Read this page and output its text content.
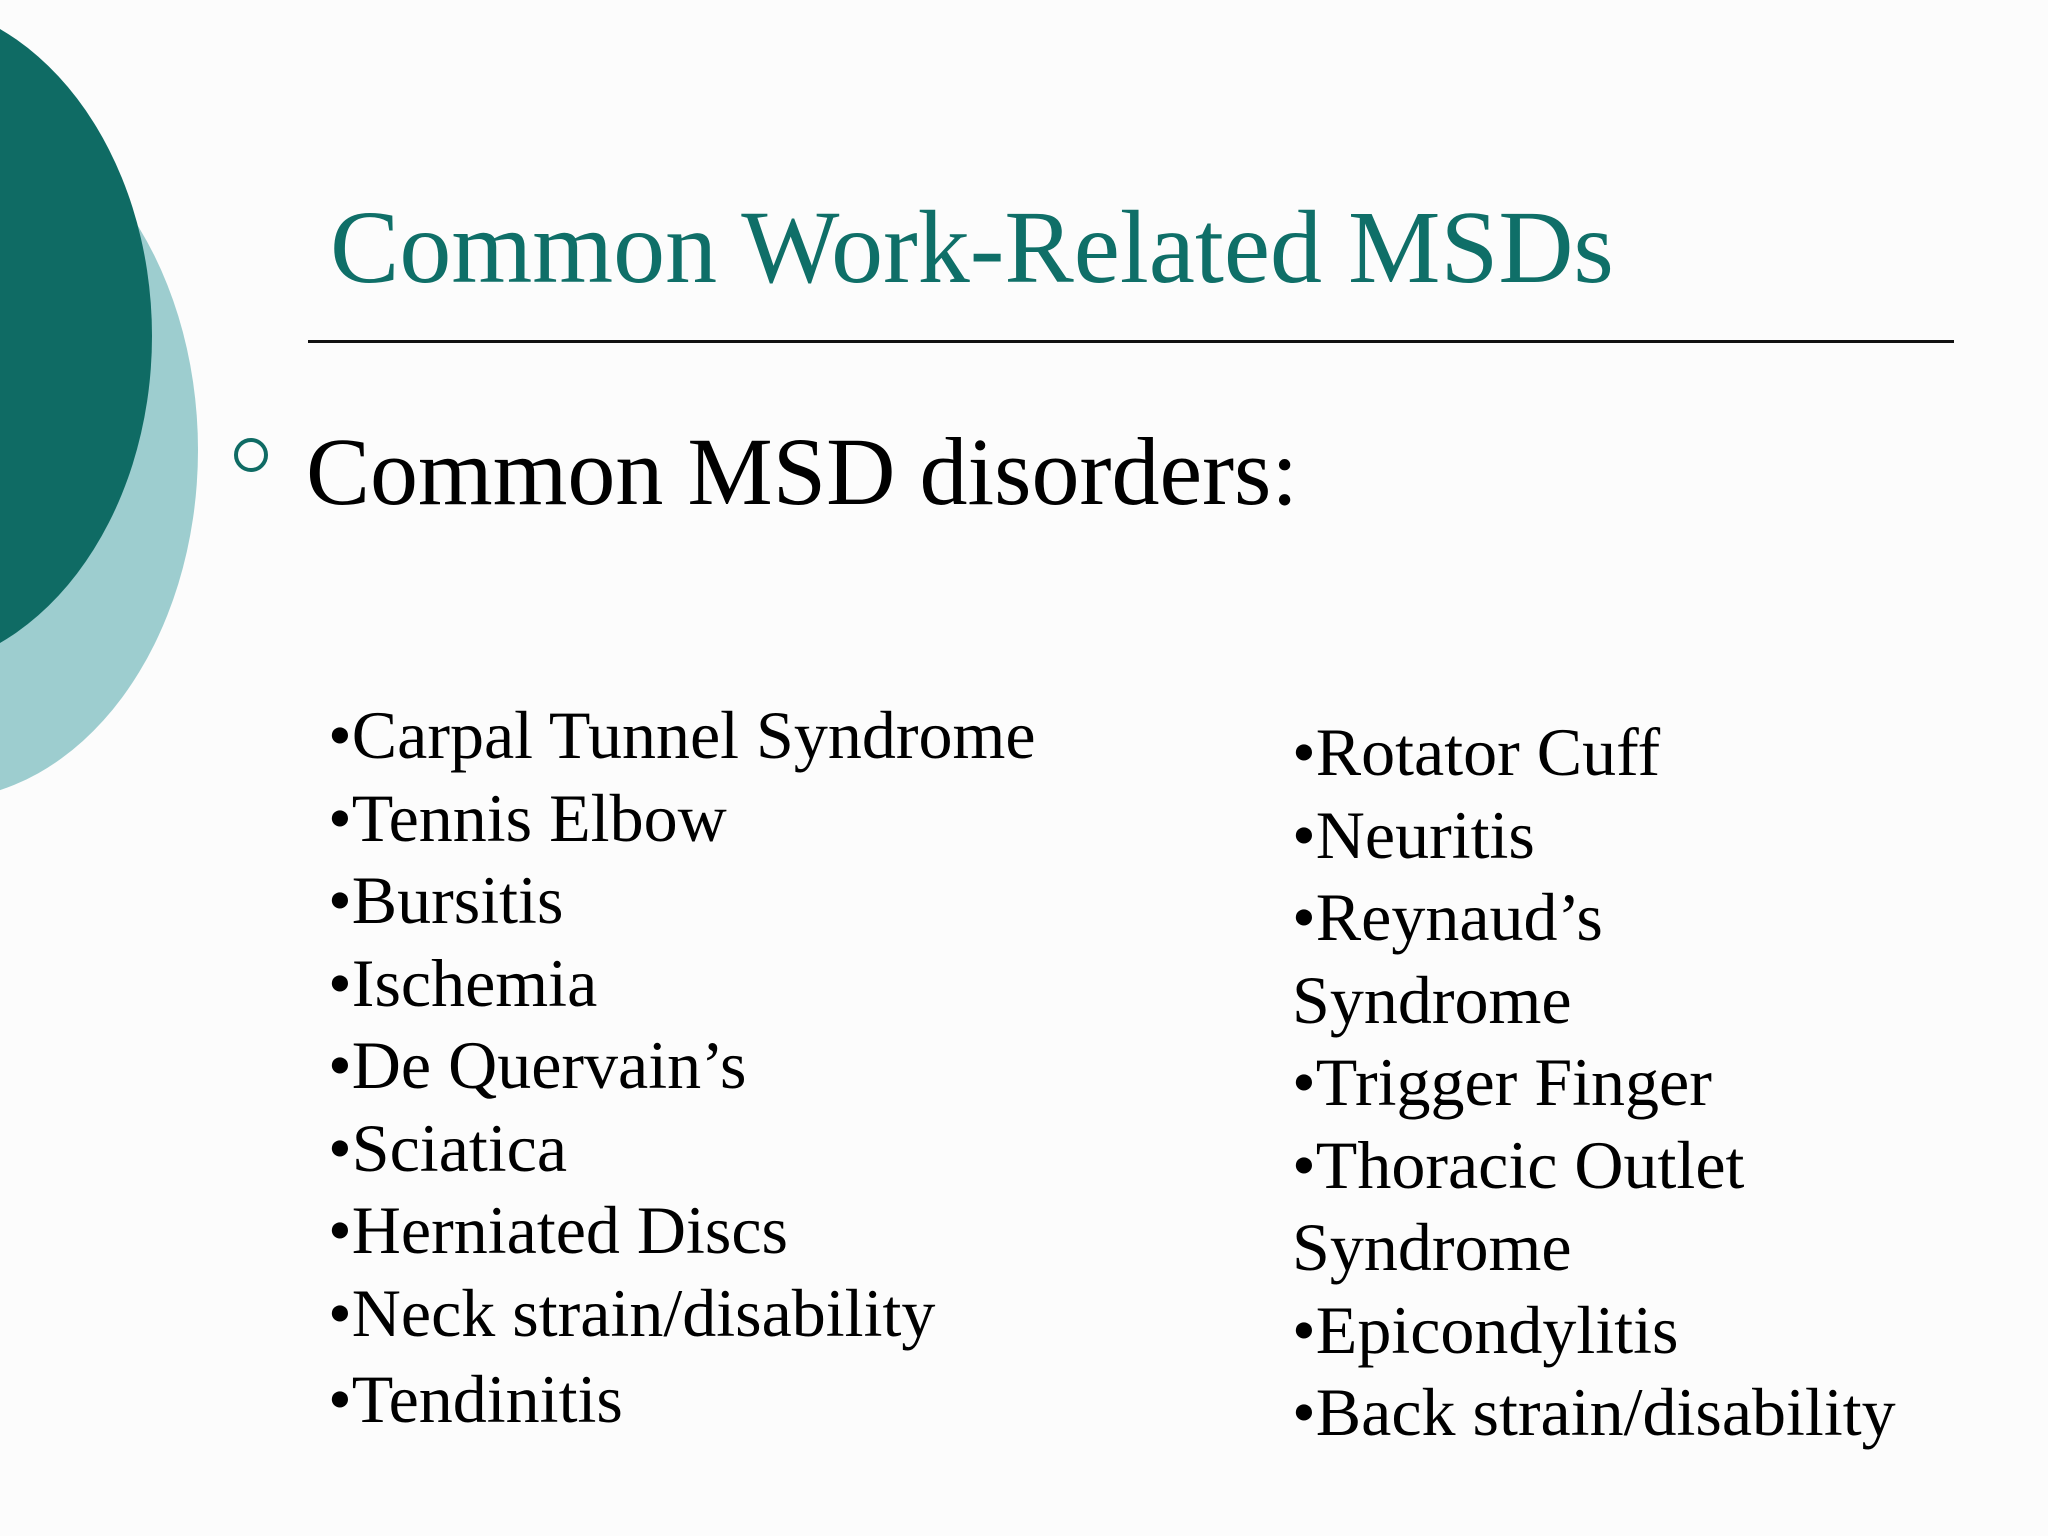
Common Work-Related MSDs
Common MSD disorders:
•Carpal Tunnel Syndrome
•Tennis Elbow
•Bursitis
•Ischemia
•De Quervain’s
•Sciatica
•Herniated Discs
•Neck strain/disability
•Tendinitis
•Rotator Cuff
•Neuritis
•Reynaud’s
Syndrome
•Trigger Finger
•Thoracic Outlet
Syndrome
•Epicondylitis
•Back strain/disability
